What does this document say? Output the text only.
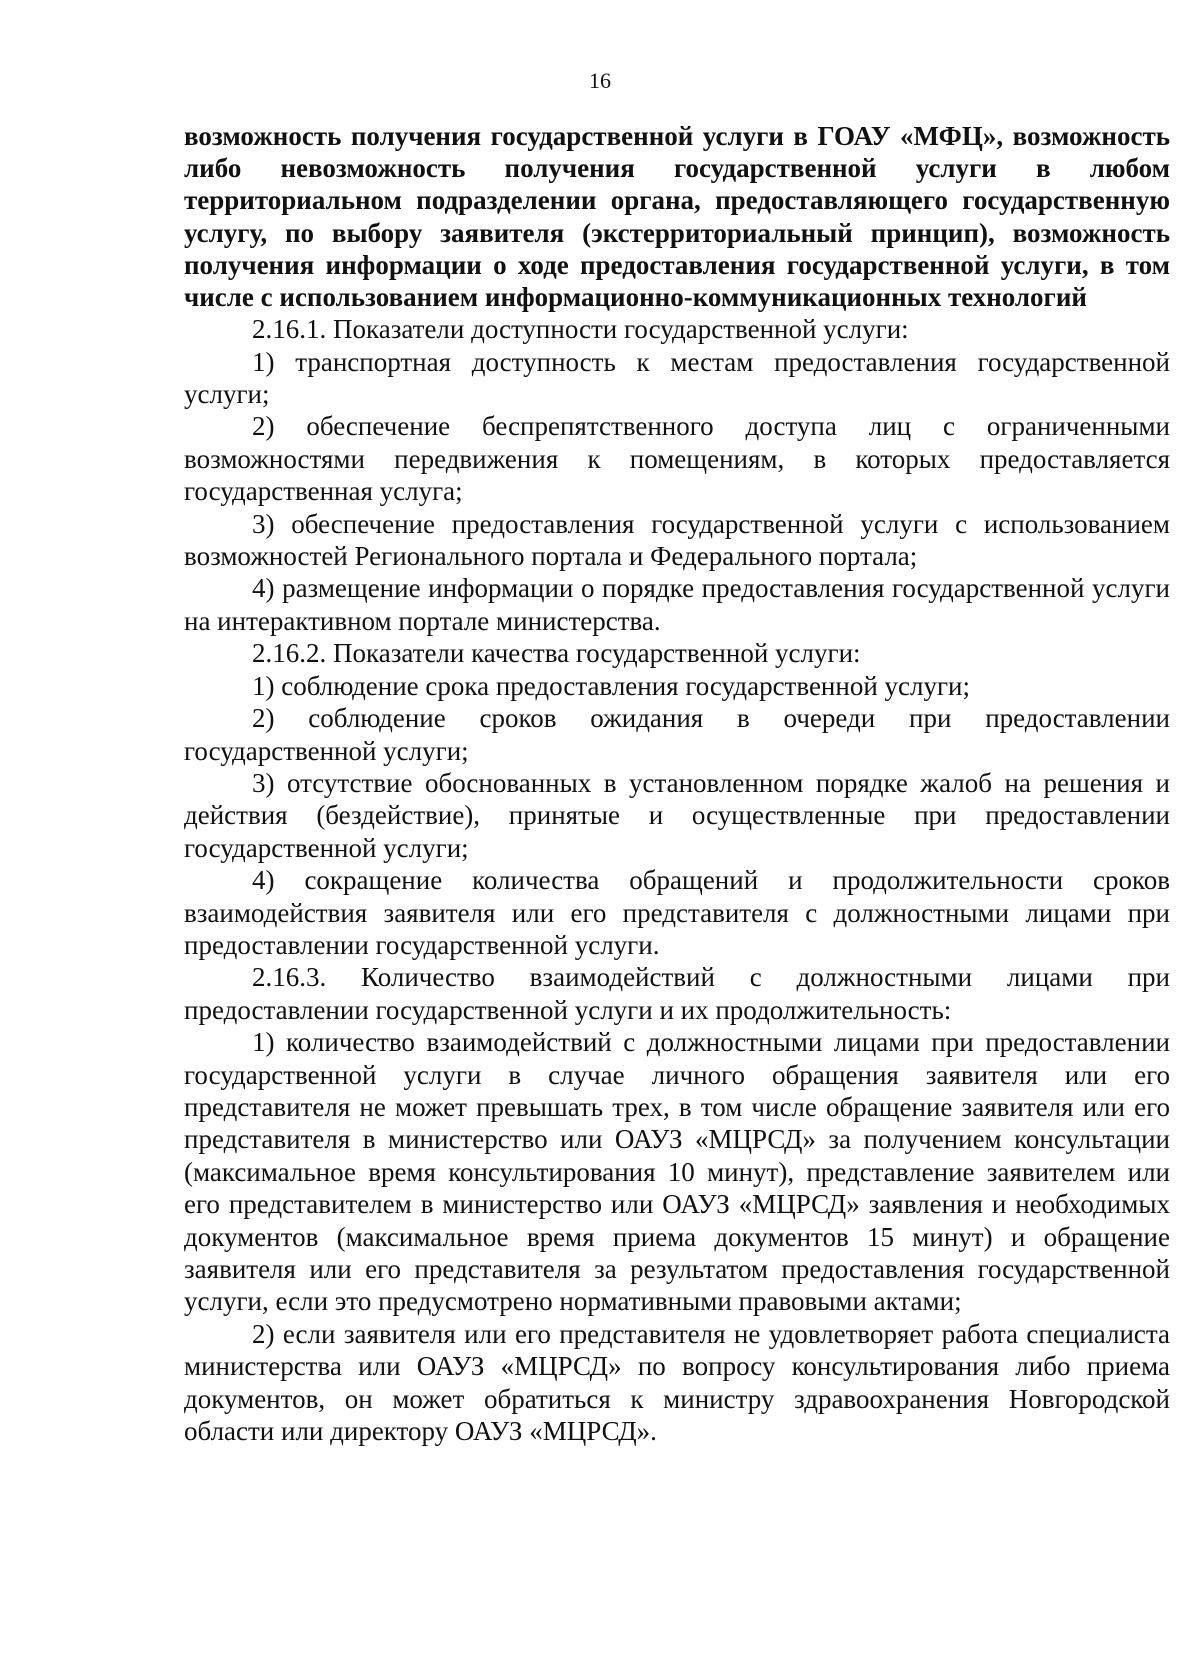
16

возможность получения государственной услуги в ГОАУ «МФЦ», возможность либо невозможность получения государственной услуги в любом территориальном подразделении органа, предоставляющего государственную услугу, по выбору заявителя (экстерриториальный принцип), возможность получения информации о ходе предоставления государственной услуги, в том числе с использованием информационно-коммуникационных технологий

2.16.1. Показатели доступности государственной услуги:

1) транспортная доступность к местам предоставления государственной услуги;

2) обеспечение беспрепятственного доступа лиц с ограниченными возможностями передвижения к помещениям, в которых предоставляется государственная услуга;

3) обеспечение предоставления государственной услуги с использованием возможностей Регионального портала и Федерального портала;

4) размещение информации о порядке предоставления государственной услуги на интерактивном портале министерства.

2.16.2. Показатели качества государственной услуги:

1) соблюдение срока предоставления государственной услуги;

2) соблюдение сроков ожидания в очереди при предоставлении государственной услуги;

3) отсутствие обоснованных в установленном порядке жалоб на решения и действия (бездействие), принятые и осуществленные при предоставлении государственной услуги;

4) сокращение количества обращений и продолжительности сроков взаимодействия заявителя или его представителя с должностными лицами при предоставлении государственной услуги.

2.16.3. Количество взаимодействий с должностными лицами при предоставлении государственной услуги и их продолжительность:

1) количество взаимодействий с должностными лицами при предоставлении государственной услуги в случае личного обращения заявителя или его представителя не может превышать трех, в том числе обращение заявителя или его представителя в министерство или ОАУЗ «МЦРСД» за получением консультации (максимальное время консультирования 10 минут), представление заявителем или его представителем в министерство или ОАУЗ «МЦРСД» заявления и необходимых документов (максимальное время приема документов 15 минут) и обращение заявителя или его представителя за результатом предоставления государственной услуги, если это предусмотрено нормативными правовыми актами;

2) если заявителя или его представителя не удовлетворяет работа специалиста министерства или ОАУЗ «МЦРСД» по вопросу консультирования либо приема документов, он может обратиться к министру здравоохранения Новгородской области или директору ОАУЗ «МЦРСД».
